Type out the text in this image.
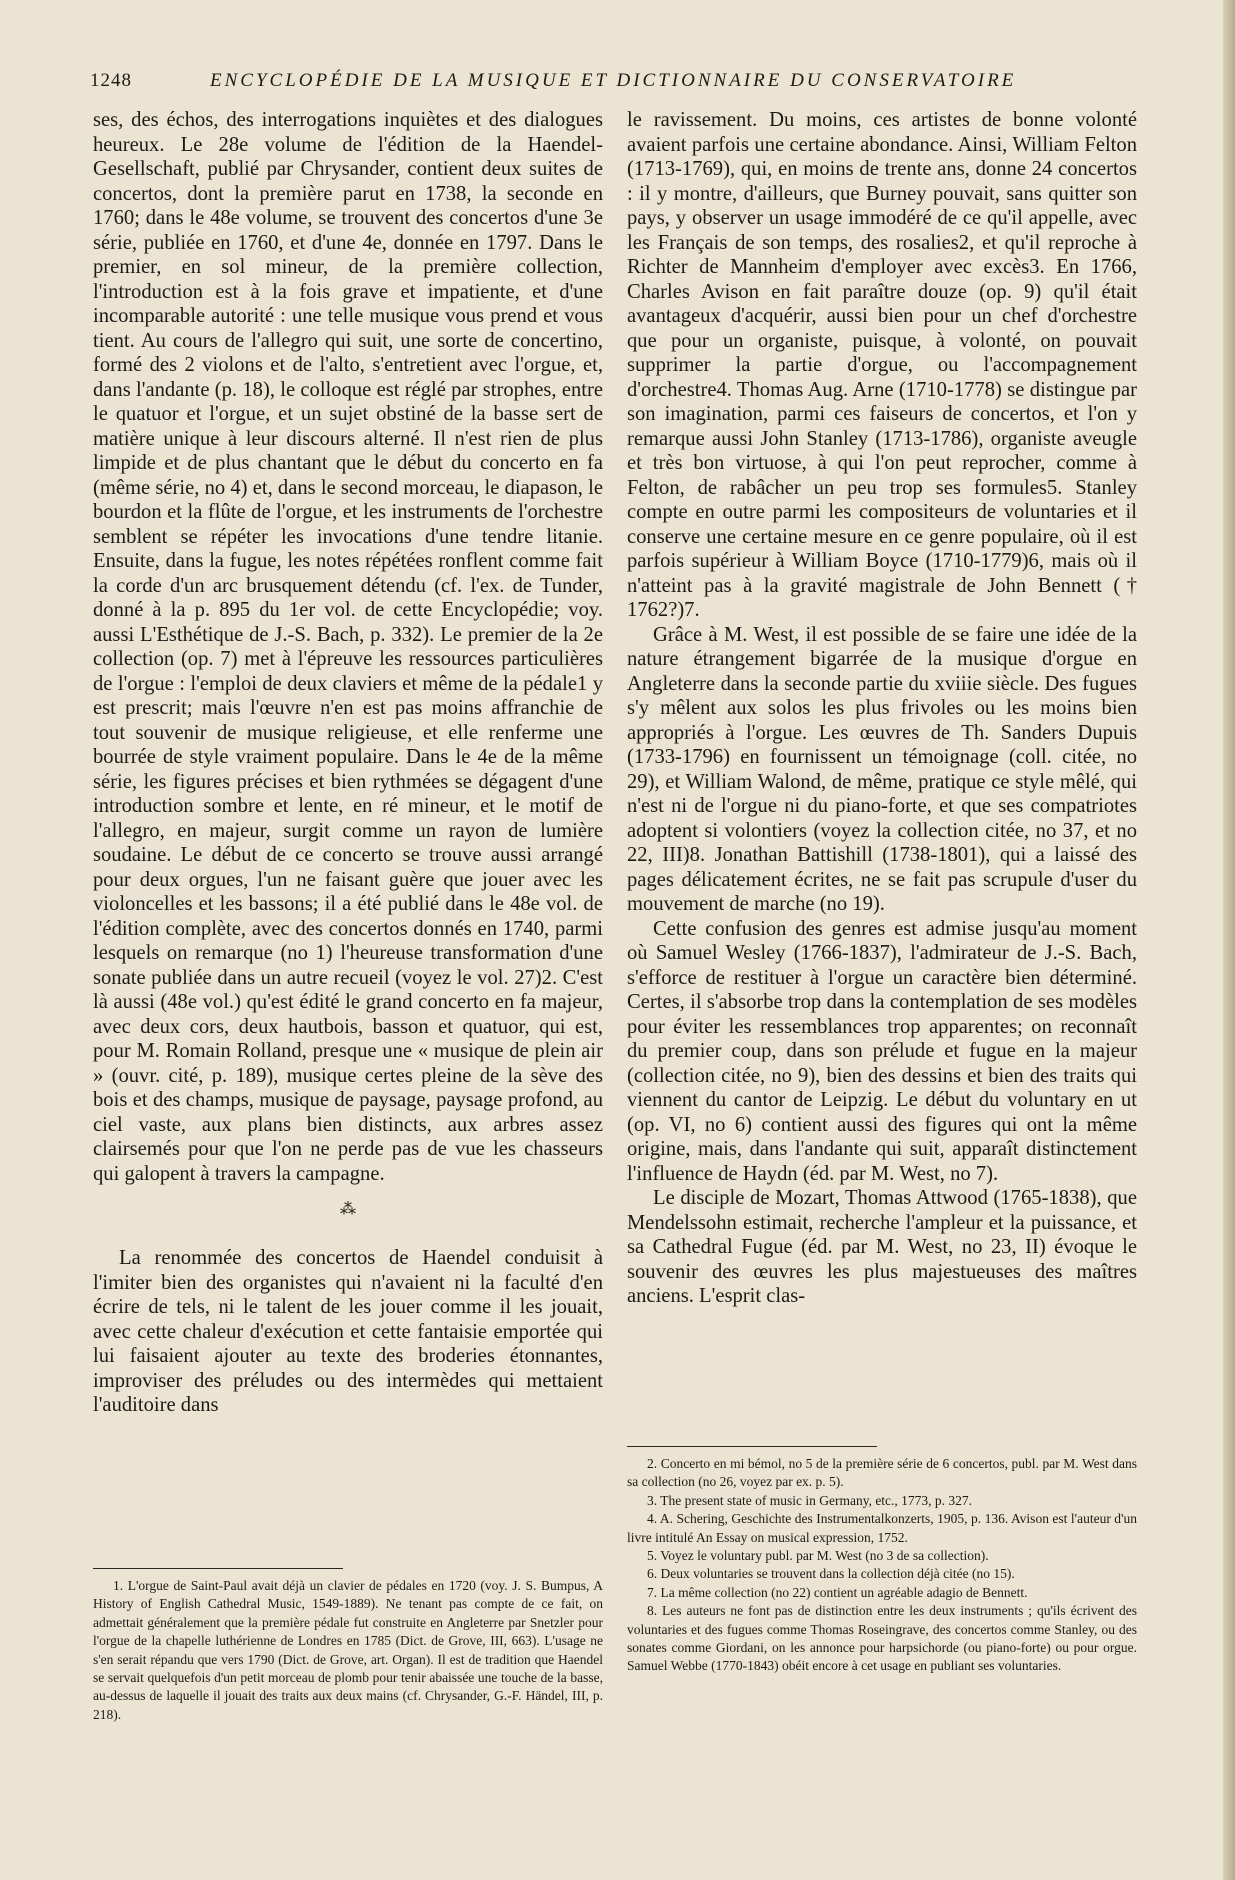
1248	ENCYCLOPÉDIE DE LA MUSIQUE ET DICTIONNAIRE DU CONSERVATOIRE

ses, des échos, des interrogations inquiètes et des dialogues heureux. Le 28e volume de l'édition de la Haendel-Gesellschaft, publié par Chrysander, contient deux suites de concertos, dont la première parut en 1738, la seconde en 1760; dans le 48e volume, se trouvent des concertos d'une 3e série, publiée en 1760, et d'une 4e, donnée en 1797. Dans le premier, en sol mineur, de la première collection, l'introduction est à la fois grave et impatiente, et d'une incomparable autorité : une telle musique vous prend et vous tient. Au cours de l'allegro qui suit, une sorte de concertino, formé des 2 violons et de l'alto, s'entretient avec l'orgue, et, dans l'andante (p. 18), le colloque est réglé par strophes, entre le quatuor et l'orgue, et un sujet obstiné de la basse sert de matière unique à leur discours alterné. Il n'est rien de plus limpide et de plus chantant que le début du concerto en fa (même série, no 4) et, dans le second morceau, le diapason, le bourdon et la flûte de l'orgue, et les instruments de l'orchestre semblent se répéter les invocations d'une tendre litanie. Ensuite, dans la fugue, les notes répétées ronflent comme fait la corde d'un arc brusquement détendu (cf. l'ex. de Tunder, donné à la p. 895 du 1er vol. de cette Encyclopédie; voy. aussi L'Esthétique de J.-S. Bach, p. 332). Le premier de la 2e collection (op. 7) met à l'épreuve les ressources particulières de l'orgue : l'emploi de deux claviers et même de la pédale1 y est prescrit; mais l'œuvre n'en est pas moins affranchie de tout souvenir de musique religieuse, et elle renferme une bourrée de style vraiment populaire. Dans le 4e de la même série, les figures précises et bien rythmées se dégagent d'une introduction sombre et lente, en ré mineur, et le motif de l'allegro, en majeur, surgit comme un rayon de lumière soudaine. Le début de ce concerto se trouve aussi arrangé pour deux orgues, l'un ne faisant guère que jouer avec les violoncelles et les bassons; il a été publié dans le 48e vol. de l'édition complète, avec des concertos donnés en 1740, parmi lesquels on remarque (no 1) l'heureuse transformation d'une sonate publiée dans un autre recueil (voyez le vol. 27)2. C'est là aussi (48e vol.) qu'est édité le grand concerto en fa majeur, avec deux cors, deux hautbois, basson et quatuor, qui est, pour M. Romain Rolland, presque une « musique de plein air » (ouvr. cité, p. 189), musique certes pleine de la sève des bois et des champs, musique de paysage, paysage profond, au ciel vaste, aux plans bien distincts, aux arbres assez clairsemés pour que l'on ne perde pas de vue les chasseurs qui galopent à travers la campagne.

⁂

La renommée des concertos de Haendel conduisit à l'imiter bien des organistes qui n'avaient ni la faculté d'en écrire de tels, ni le talent de les jouer comme il les jouait, avec cette chaleur d'exécution et cette fantaisie emportée qui lui faisaient ajouter au texte des broderies étonnantes, improviser des préludes ou des intermèdes qui mettaient l'auditoire dans

1. L'orgue de Saint-Paul avait déjà un clavier de pédales en 1720 (voy. J. S. Bumpus, A History of English Cathedral Music, 1549-1889). Ne tenant pas compte de ce fait, on admettait généralement que la première pédale fut construite en Angleterre par Snetzler pour l'orgue de la chapelle luthérienne de Londres en 1785 (Dict. de Grove, III, 663). L'usage ne s'en serait répandu que vers 1790 (Dict. de Grove, art. Organ). Il est de tradition que Haendel se servait quelquefois d'un petit morceau de plomb pour tenir abaissée une touche de la basse, au-dessus de laquelle il jouait des traits aux deux mains (cf. Chrysander, G.-F. Händel, III, p. 218).

le ravissement. Du moins, ces artistes de bonne volonté avaient parfois une certaine abondance. Ainsi, William Felton (1713-1769), qui, en moins de trente ans, donne 24 concertos : il y montre, d'ailleurs, que Burney pouvait, sans quitter son pays, y observer un usage immodéré de ce qu'il appelle, avec les Français de son temps, des rosalies2, et qu'il reproche à Richter de Mannheim d'employer avec excès3. En 1766, Charles Avison en fait paraître douze (op. 9) qu'il était avantageux d'acquérir, aussi bien pour un chef d'orchestre que pour un organiste, puisque, à volonté, on pouvait supprimer la partie d'orgue, ou l'accompagnement d'orchestre4. Thomas Aug. Arne (1710-1778) se distingue par son imagination, parmi ces faiseurs de concertos, et l'on y remarque aussi John Stanley (1713-1786), organiste aveugle et très bon virtuose, à qui l'on peut reprocher, comme à Felton, de rabâcher un peu trop ses formules5. Stanley compte en outre parmi les compositeurs de voluntaries et il conserve une certaine mesure en ce genre populaire, où il est parfois supérieur à William Boyce (1710-1779)6, mais où il n'atteint pas à la gravité magistrale de John Bennett († 1762?)7.

Grâce à M. West, il est possible de se faire une idée de la nature étrangement bigarrée de la musique d'orgue en Angleterre dans la seconde partie du xviiie siècle. Des fugues s'y mêlent aux solos les plus frivoles ou les moins bien appropriés à l'orgue. Les œuvres de Th. Sanders Dupuis (1733-1796) en fournissent un témoignage (coll. citée, no 29), et William Walond, de même, pratique ce style mêlé, qui n'est ni de l'orgue ni du piano-forte, et que ses compatriotes adoptent si volontiers (voyez la collection citée, no 37, et no 22, III)8. Jonathan Battishill (1738-1801), qui a laissé des pages délicatement écrites, ne se fait pas scrupule d'user du mouvement de marche (no 19).

Cette confusion des genres est admise jusqu'au moment où Samuel Wesley (1766-1837), l'admirateur de J.-S. Bach, s'efforce de restituer à l'orgue un caractère bien déterminé. Certes, il s'absorbe trop dans la contemplation de ses modèles pour éviter les ressemblances trop apparentes; on reconnaît du premier coup, dans son prélude et fugue en la majeur (collection citée, no 9), bien des dessins et bien des traits qui viennent du cantor de Leipzig. Le début du voluntary en ut (op. VI, no 6) contient aussi des figures qui ont la même origine, mais, dans l'andante qui suit, apparaît distinctement l'influence de Haydn (éd. par M. West, no 7).

Le disciple de Mozart, Thomas Attwood (1765-1838), que Mendelssohn estimait, recherche l'ampleur et la puissance, et sa Cathedral Fugue (éd. par M. West, no 23, II) évoque le souvenir des œuvres les plus majestueuses des maîtres anciens. L'esprit clas-

2. Concerto en mi bémol, no 5 de la première série de 6 concertos, publ. par M. West dans sa collection (no 26, voyez par ex. p. 5).
3. The present state of music in Germany, etc., 1773, p. 327.
4. A. Schering, Geschichte des Instrumentalkonzerts, 1905, p. 136. Avison est l'auteur d'un livre intitulé An Essay on musical expression, 1752.
5. Voyez le voluntary publ. par M. West (no 3 de sa collection).
6. Deux voluntaries se trouvent dans la collection déjà citée (no 15).
7. La même collection (no 22) contient un agréable adagio de Bennett.
8. Les auteurs ne font pas de distinction entre les deux instruments ; qu'ils écrivent des voluntaries et des fugues comme Thomas Roseingrave, des concertos comme Stanley, ou des sonates comme Giordani, on les annonce pour harpsichorde (ou piano-forte) ou pour orgue. Samuel Webbe (1770-1843) obéit encore à cet usage en publiant ses voluntaries.
